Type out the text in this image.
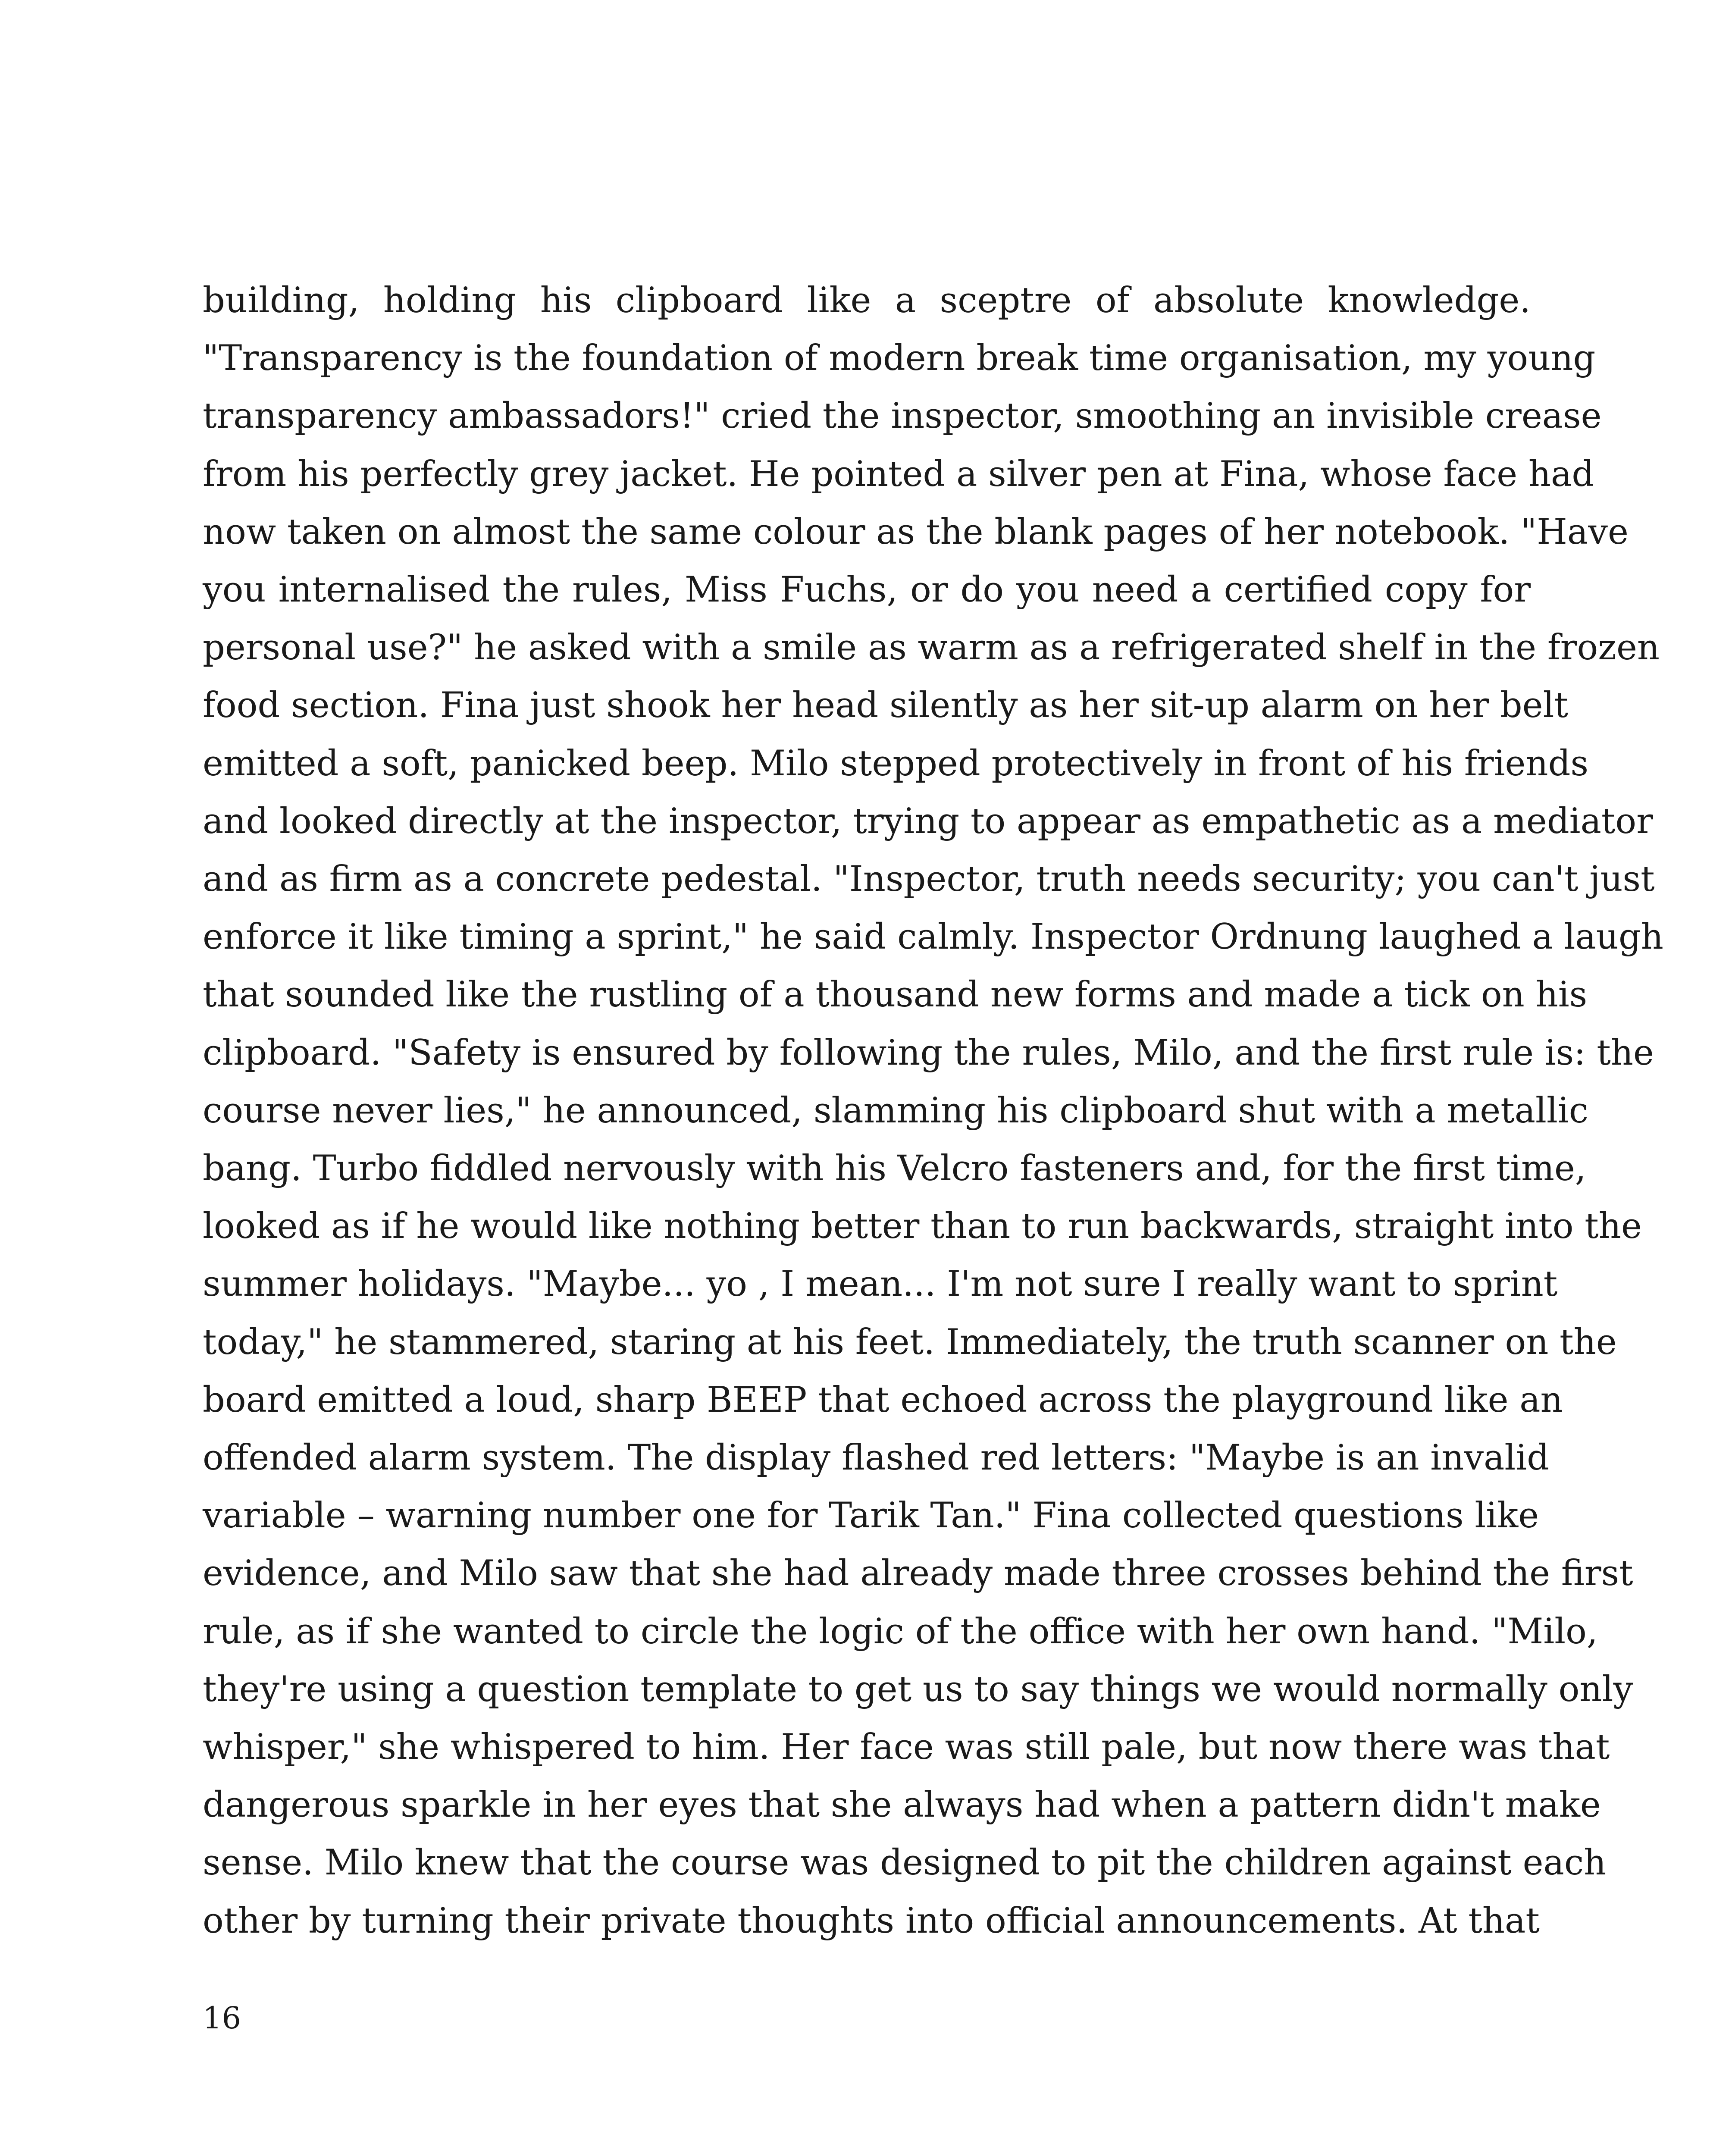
building, holding his clipboard like a sceptre of absolute knowledge.
"Transparency is the foundation of modern break time organisation, my young
transparency ambassadors!" cried the inspector, smoothing an invisible crease
from his perfectly grey jacket. He pointed a silver pen at Fina, whose face had
now taken on almost the same colour as the blank pages of her notebook. "Have
you internalised the rules, Miss Fuchs, or do you need a certified copy for
personal use?" he asked with a smile as warm as a refrigerated shelf in the frozen
food section. Fina just shook her head silently as her sit-up alarm on her belt
emitted a soft, panicked beep. Milo stepped protectively in front of his friends
and looked directly at the inspector, trying to appear as empathetic as a mediator
and as firm as a concrete pedestal. "Inspector, truth needs security; you can't just
enforce it like timing a sprint," he said calmly. Inspector Ordnung laughed a laugh
that sounded like the rustling of a thousand new forms and made a tick on his
clipboard. "Safety is ensured by following the rules, Milo, and the first rule is: the
course never lies," he announced, slamming his clipboard shut with a metallic
bang. Turbo fiddled nervously with his Velcro fasteners and, for the first time,
looked as if he would like nothing better than to run backwards, straight into the
summer holidays. "Maybe... yo , I mean... I'm not sure I really want to sprint
today," he stammered, staring at his feet. Immediately, the truth scanner on the
board emitted a loud, sharp BEEP that echoed across the playground like an
offended alarm system. The display flashed red letters: "Maybe is an invalid
variable – warning number one for Tarik Tan." Fina collected questions like
evidence, and Milo saw that she had already made three crosses behind the first
rule, as if she wanted to circle the logic of the office with her own hand. "Milo,
they're using a question template to get us to say things we would normally only
whisper," she whispered to him. Her face was still pale, but now there was that
dangerous sparkle in her eyes that she always had when a pattern didn't make
sense. Milo knew that the course was designed to pit the children against each
other by turning their private thoughts into official announcements. At that
16
